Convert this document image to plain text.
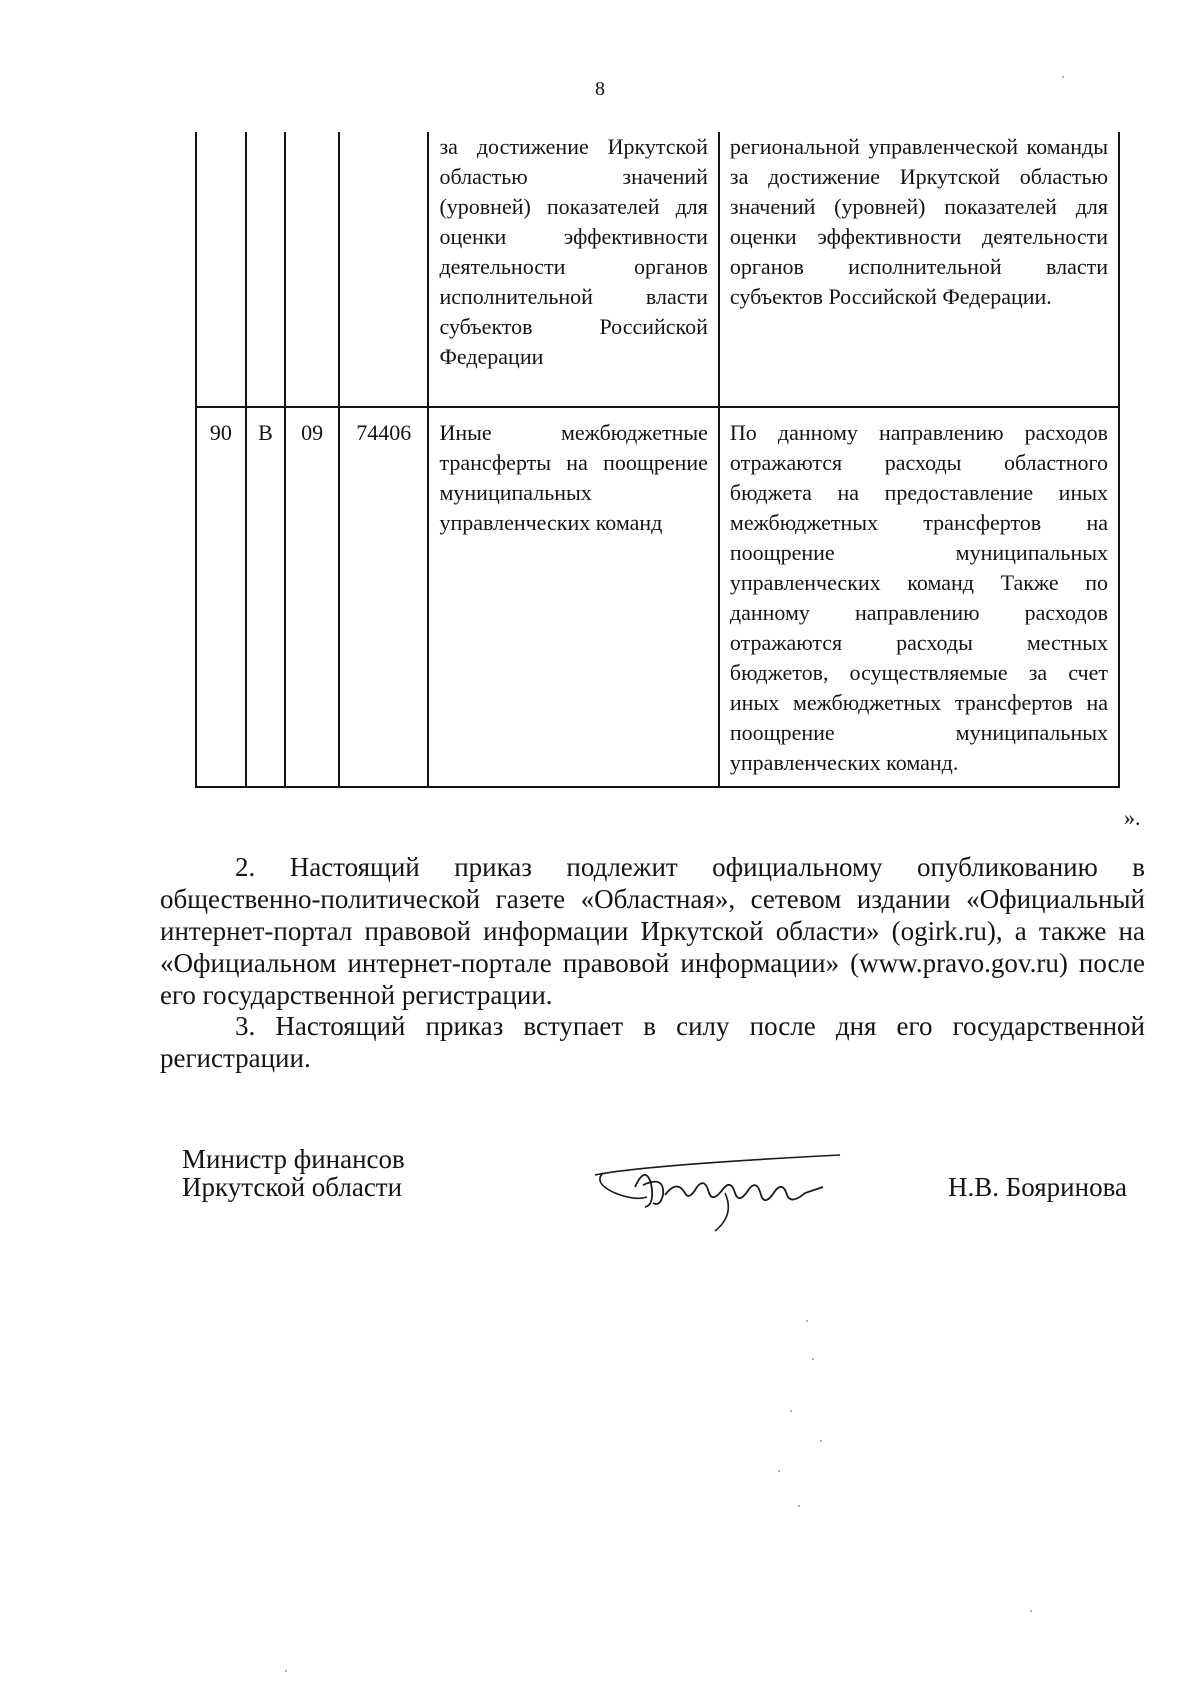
8

				за достижение Иркутской областью значений (уровней) показателей для оценки эффективности деятельности органов исполнительной власти субъектов Российской Федерации	региональной управленческой команды за достижение Иркутской областью значений (уровней) показателей для оценки эффективности деятельности органов исполнительной власти субъектов Российской Федерации.

90	В	09	74406	Иные межбюджетные трансферты на поощрение муниципальных управленческих команд	По данному направлению расходов отражаются расходы областного бюджета на предоставление иных межбюджетных трансфертов на поощрение муниципальных управленческих команд Также по данному направлению расходов отражаются расходы местных бюджетов, осуществляемые за счет иных межбюджетных трансфертов на поощрение муниципальных управленческих команд.
».

2. Настоящий приказ подлежит официальному опубликованию в общественно-политической газете «Областная», сетевом издании «Официальный интернет-портал правовой информации Иркутской области» (ogirk.ru), а также на «Официальном интернет-портале правовой информации» (www.pravo.gov.ru) после его государственной регистрации.

3. Настоящий приказ вступает в силу после дня его государственной регистрации.

Министр финансов
Иркутской области	Н.В. Бояринова
